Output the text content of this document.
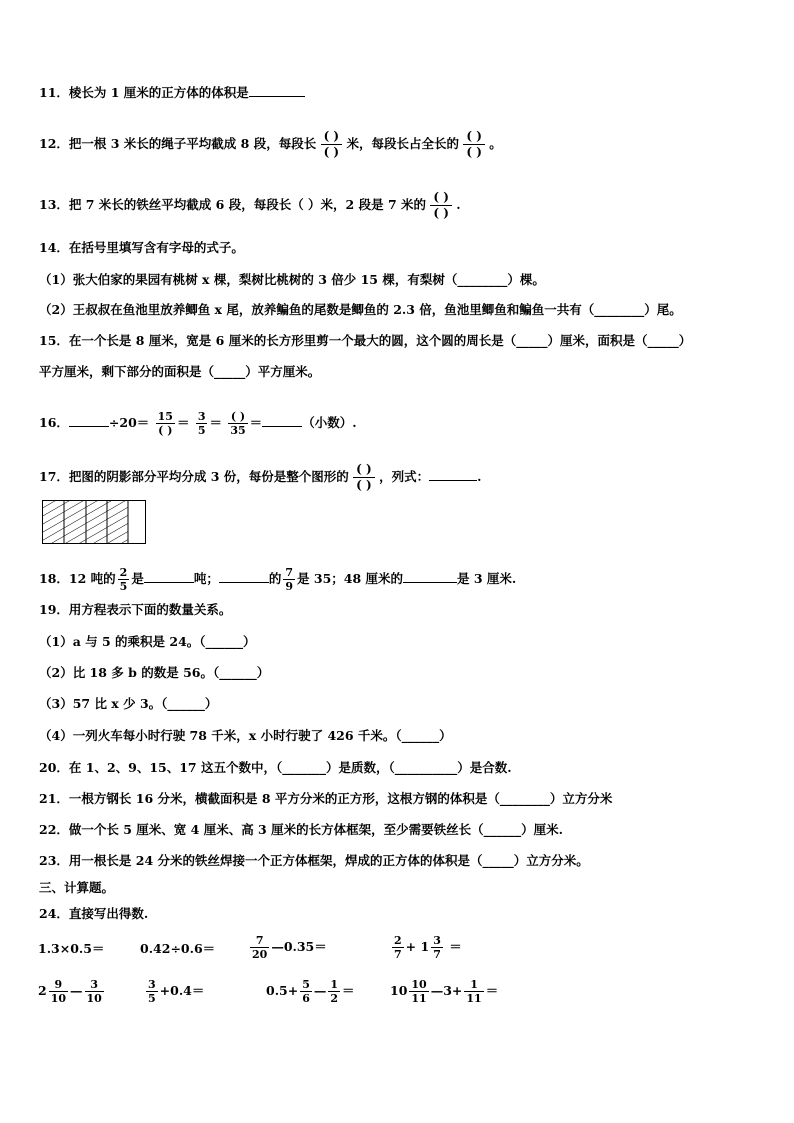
11．棱长为 1 厘米的正方体的体积是
12．把一根 3 米长的绳子平均截成 8 段，每段长 $\frac{( )}{( )}$ 米，每段长占全长的 $\frac{( )}{( )}$ 。
13．把 7 米长的铁丝平均截成 6 段，每段长（ ）米，2 段是 7 米的 $\frac{( )}{( )}$ .
14．在括号里填写含有字母的式子。
（1）张大伯家的果园有桃树 x 棵，梨树比桃树的 3 倍少 15 棵，有梨树（________）棵。
（2）王叔叔在鱼池里放养鲫鱼 x 尾，放养鳊鱼的尾数是鲫鱼的 2.3 倍，鱼池里鲫鱼和鳊鱼一共有（________）尾。
15．在一个长是 8 厘米，宽是 6 厘米的长方形里剪一个最大的圆，这个圆的周长是（_____）厘米，面积是（_____）
平方厘米，剩下部分的面积是（_____）平方厘米。
16．	$\div 20= \frac{15}{( )} = \frac{3}{5} = \frac{( )}{35}$ ＝	（小数）.
17．把图的阴影部分平均分成 3 份，每份是整个图形的 $\frac{( )}{( )}$ ，列式：	.
18．12 吨的 $\frac{2}{5}$ 是	吨；	的 $\frac{7}{9}$ 是 35；48 厘米的	是 3 厘米.
19．用方程表示下面的数量关系。
（1）a 与 5 的乘积是 24。（______）
（2）比 18 多 b 的数是 56。（______）
（3）57 比 x 少 3。（______）
（4）一列火车每小时行驶 78 千米，x 小时行驶了 426 千米。（______）
20．在 1、2、9、15、17 这五个数中，（_______）是质数，（__________）是合数.
21．一根方钢长 16 分米，横截面积是 8 平方分米的正方形，这根方钢的体积是（________）立方分米
22．做一个长 5 厘米、宽 4 厘米、高 3 厘米的长方体框架，至少需要铁丝长（______）厘米.
23．用一根长是 24 分米的铁丝焊接一个正方体框架，焊成的正方体的体积是（_____）立方分米。
三、计算题。
24．直接写出得数.
1.3×0.5＝	0.42÷0.6＝	$\frac{7}{20}$ —0.35＝	$\frac{2}{7} + 1 \frac{3}{7}$ ＝
$2 \frac{9}{10}$ — $\frac{3}{10}$	$\frac{3}{5} +0.4=$	$0.5+ \frac{5}{6}$ — $\frac{1}{2}$ ＝	$10 \frac{10}{11}$ —3+ $\frac{1}{11}$ ＝
